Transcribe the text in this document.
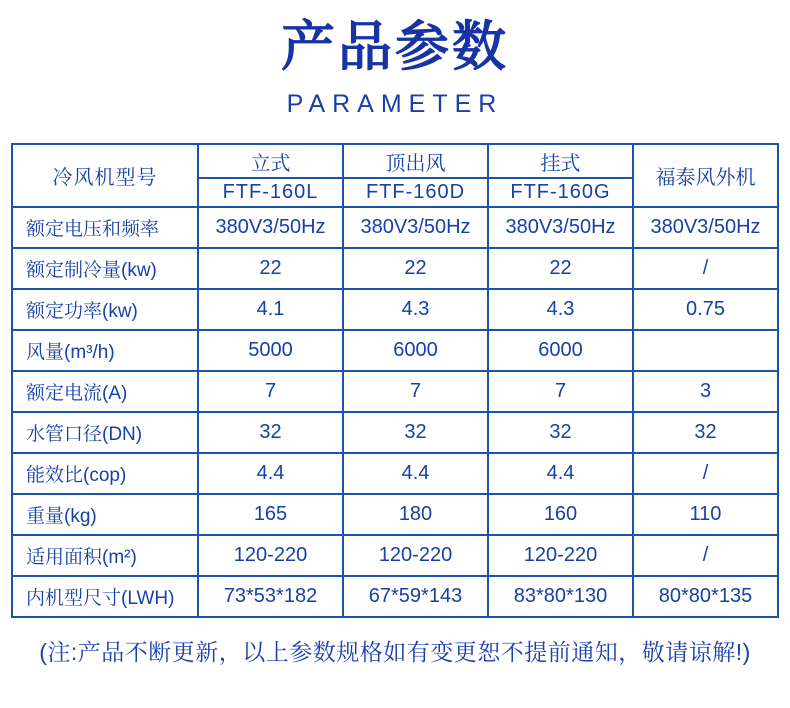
产品参数
PARAMETER
冷风机型号	立式	顶出风	挂式	福泰风外机
	FTF-160L	FTF-160D	FTF-160G	
额定电压和频率	380V3/50Hz	380V3/50Hz	380V3/50Hz	380V3/50Hz
额定制冷量(kw)	22	22	22	/
额定功率(kw)	4.1	4.3	4.3	0.75
风量(m³/h)	5000	6000	6000	
额定电流(A)	7	7	7	3
水管口径(DN)	32	32	32	32
能效比(cop)	4.4	4.4	4.4	/
重量(kg)	165	180	160	110
适用面积(m²)	120-220	120-220	120-220	/
内机型尺寸(LWH)	73*53*182	67*59*143	83*80*130	80*80*135

(注:产品不断更新，以上参数规格如有变更恕不提前通知，敬请谅解!)
